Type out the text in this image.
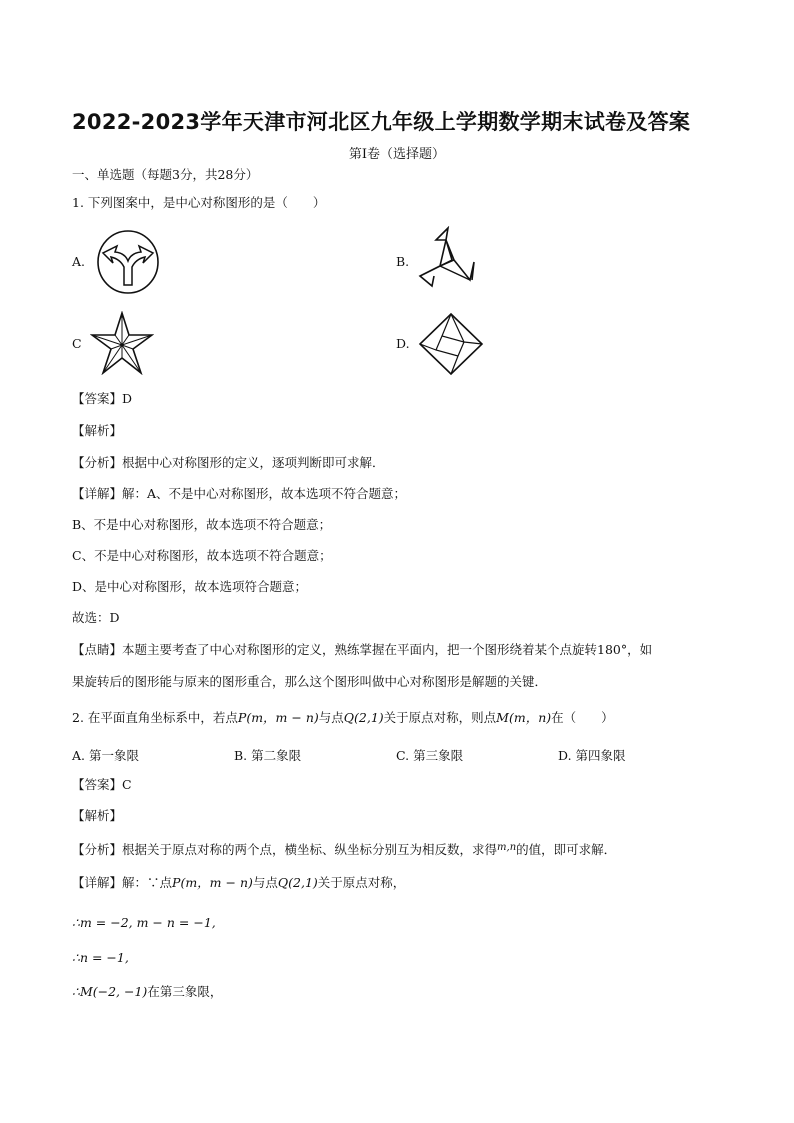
2022-2023学年天津市河北区九年级上学期数学期末试卷及答案
第Ⅰ卷（选择题）
一、单选题（每题3分，共28分）
1. 下列图案中，是中心对称图形的是（　　）
A.	B.
C	D.
【答案】D
【解析】
【分析】根据中心对称图形的定义，逐项判断即可求解．
【详解】解：A、不是中心对称图形，故本选项不符合题意；
B、不是中心对称图形，故本选项不符合题意；
C、不是中心对称图形，故本选项不符合题意；
D、是中心对称图形，故本选项符合题意；
故选：D
【点睛】本题主要考查了中心对称图形的定义，熟练掌握在平面内，把一个图形绕着某个点旋转180°，如
果旋转后的图形能与原来的图形重合，那么这个图形叫做中心对称图形是解题的关键．
2. 在平面直角坐标系中，若点P(m，m − n)与点Q(2,1)关于原点对称，则点M(m，n)在（　　）
A. 第一象限	B. 第二象限	C. 第三象限	D. 第四象限
【答案】C
【解析】
【分析】根据关于原点对称的两个点，横坐标、纵坐标分别互为相反数，求得$^{m,n}$的值，即可求解．
【详解】解：∵点P(m，m − n)与点Q(2,1)关于原点对称，
∴m = −2, m − n = −1,
∴n = −1,
∴M(−2, −1)在第三象限，
